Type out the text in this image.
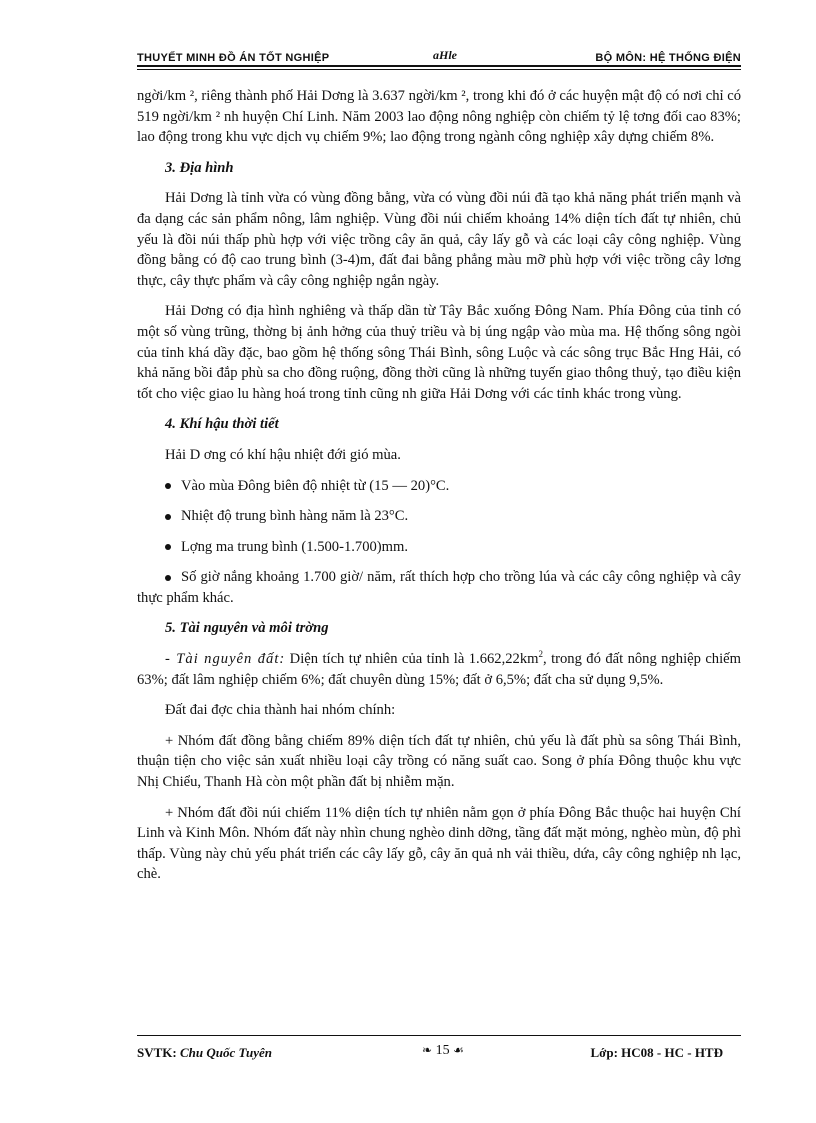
THUYẾT MINH ĐỒ ÁN TỐT NGHIỆP	aHle	BỘ MÔN: HỆ THỐNG ĐIỆN

ngời/km ², riêng thành phố Hải Dơng là 3.637 ngời/km ², trong khi đó ở các huyện mật độ có nơi chỉ có 519 ngời/km ² nh huyện Chí Linh. Năm 2003 lao động nông nghiệp còn chiếm tỷ lệ tơng đối cao 83%; lao động trong khu vực dịch vụ chiếm 9%; lao động trong ngành công nghiệp xây dựng chiếm 8%.

3. Địa hình

Hải Dơng là tỉnh vừa có vùng đồng bằng, vừa có vùng đồi núi đã tạo khả năng phát triển mạnh và đa dạng các sản phẩm nông, lâm nghiệp. Vùng đồi núi chiếm khoảng 14% diện tích đất tự nhiên, chủ yếu là đồi núi thấp phù hợp với việc trồng cây ăn quả, cây lấy gỗ và các loại cây công nghiệp. Vùng đồng bằng có độ cao trung bình (3-4)m, đất đai bằng phẳng màu mỡ phù hợp với việc trồng cây lơng thực, cây thực phẩm và cây công nghiệp ngắn ngày.

Hải Dơng có địa hình nghiêng và thấp dần từ Tây Bắc xuống Đông Nam. Phía Đông của tỉnh có một số vùng trũng, thờng bị ảnh hởng của thuỷ triều và bị úng ngập vào mùa ma. Hệ thống sông ngòi của tỉnh khá dầy đặc, bao gồm hệ thống sông Thái Bình, sông Luộc và các sông trục Bắc Hng Hải, có khả năng bồi đắp phù sa cho đồng ruộng, đồng thời cũng là những tuyến giao thông thuỷ, tạo điều kiện tốt cho việc giao lu hàng hoá trong tỉnh cũng nh giữa Hải Dơng với các tỉnh khác trong vùng.

4. Khí hậu thời tiết

Hải D ơng có khí hậu nhiệt đới gió mùa.

Vào mùa Đông biên độ nhiệt từ (15 — 20)°C.

Nhiệt độ trung bình hàng năm là 23°C.

Lợng ma trung bình (1.500-1.700)mm.

Số giờ nắng khoảng 1.700 giờ/ năm, rất thích hợp cho trồng lúa và các cây công nghiệp và cây thực phẩm khác.

5. Tài nguyên và môi trờng

- Tài nguyên đất: Diện tích tự nhiên của tỉnh là $1.662,22km^2$, trong đó đất nông nghiệp chiếm 63%; đất lâm nghiệp chiếm 6%; đất chuyên dùng 15%; đất ở 6,5%; đất cha sử dụng 9,5%.

Đất đai đợc chia thành hai nhóm chính:

+ Nhóm đất đồng bằng chiếm 89% diện tích đất tự nhiên, chủ yếu là đất phù sa sông Thái Bình, thuận tiện cho việc sản xuất nhiều loại cây trồng có năng suất cao. Song ở phía Đông thuộc khu vực Nhị Chiểu, Thanh Hà còn một phần đất bị nhiễm mặn.

+ Nhóm đất đồi núi chiếm 11% diện tích tự nhiên nằm gọn ở phía Đông Bắc thuộc hai huyện Chí Linh và Kinh Môn. Nhóm đất này nhìn chung nghèo dinh dỡng, tầng đất mặt mỏng, nghèo mùn, độ phì thấp. Vùng này chủ yếu phát triển các cây lấy gỗ, cây ăn quả nh vải thiều, dứa, cây công nghiệp nh lạc, chè.

SVTK: Chu Quốc Tuyên	❧ 15 ☙	Lớp: HC08 - HC - HTĐ
